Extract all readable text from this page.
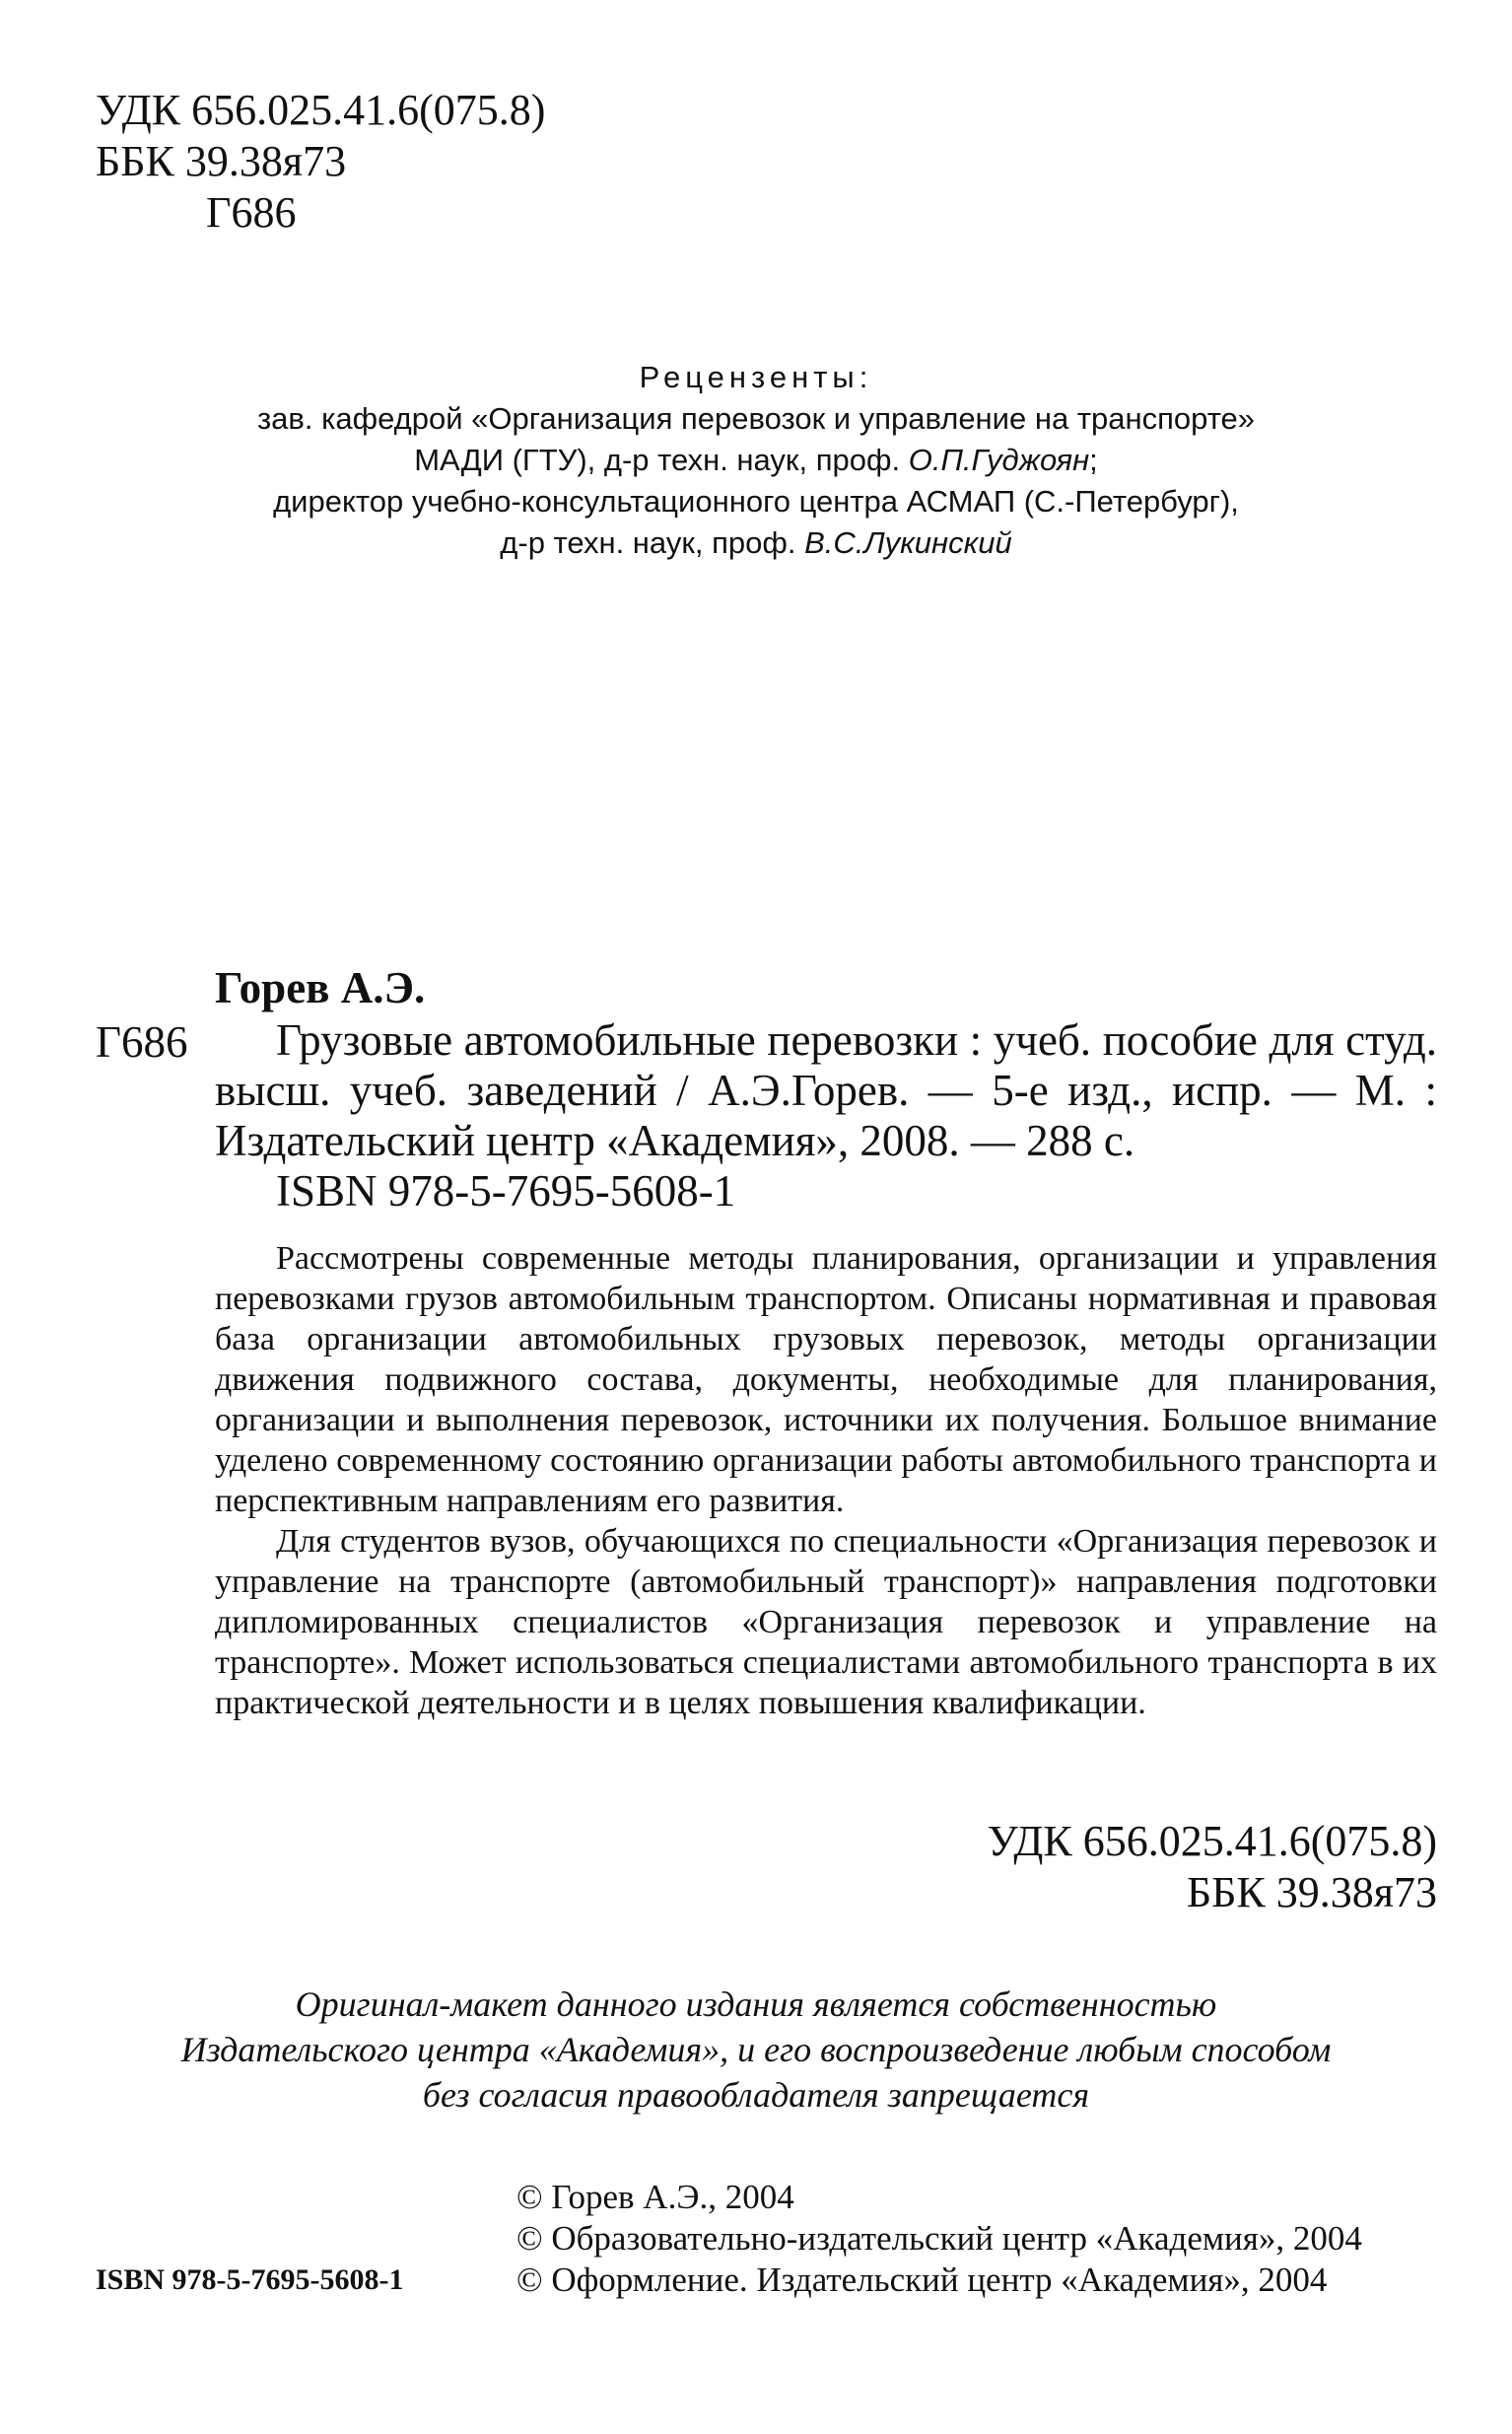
УДК 656.025.41.6(075.8)
ББК 39.38я73
Г686
Рецензенты:
зав. кафедрой «Организация перевозок и управление на транспорте»
МАДИ (ГТУ), д-р техн. наук, проф. О.П.Гуджоян;
директор учебно-консультационного центра АСМАП (С.-Петербург),
д-р техн. наук, проф. В.С.Лукинский
Горев А.Э.
Г686	Грузовые автомобильные перевозки : учеб. пособие для студ.
высш. учеб. заведений / А.Э.Горев. — 5-е изд., испр. — М. :
Издательский центр «Академия», 2008. — 288 с.
ISBN 978-5-7695-5608-1

Рассмотрены современные методы планирования, организации и управления перевозками грузов автомобильным транспортом. Описаны нормативная и правовая база организации автомобильных грузовых перевозок, методы организации движения подвижного состава, документы, необходимые для планирования, организации и выполнения перевозок, источники их получения. Большое внимание уделено современному состоянию организации работы автомобильного транспорта и перспективным направлениям его развития.

Для студентов вузов, обучающихся по специальности «Организация перевозок и управление на транспорте (автомобильный транспорт)» направления подготовки дипломированных специалистов «Организация перевозок и управление на транспорте». Может использоваться специалистами автомобильного транспорта в их практической деятельности и в целях повышения квалификации.

УДК 656.025.41.6(075.8)
ББК 39.38я73
Оригинал-макет данного издания является собственностью
Издательского центра «Академия», и его воспроизведение любым способом
без согласия правообладателя запрещается
© Горев А.Э., 2004
© Образовательно-издательский центр «Академия», 2004
© Оформление. Издательский центр «Академия», 2004
ISBN 978-5-7695-5608-1
